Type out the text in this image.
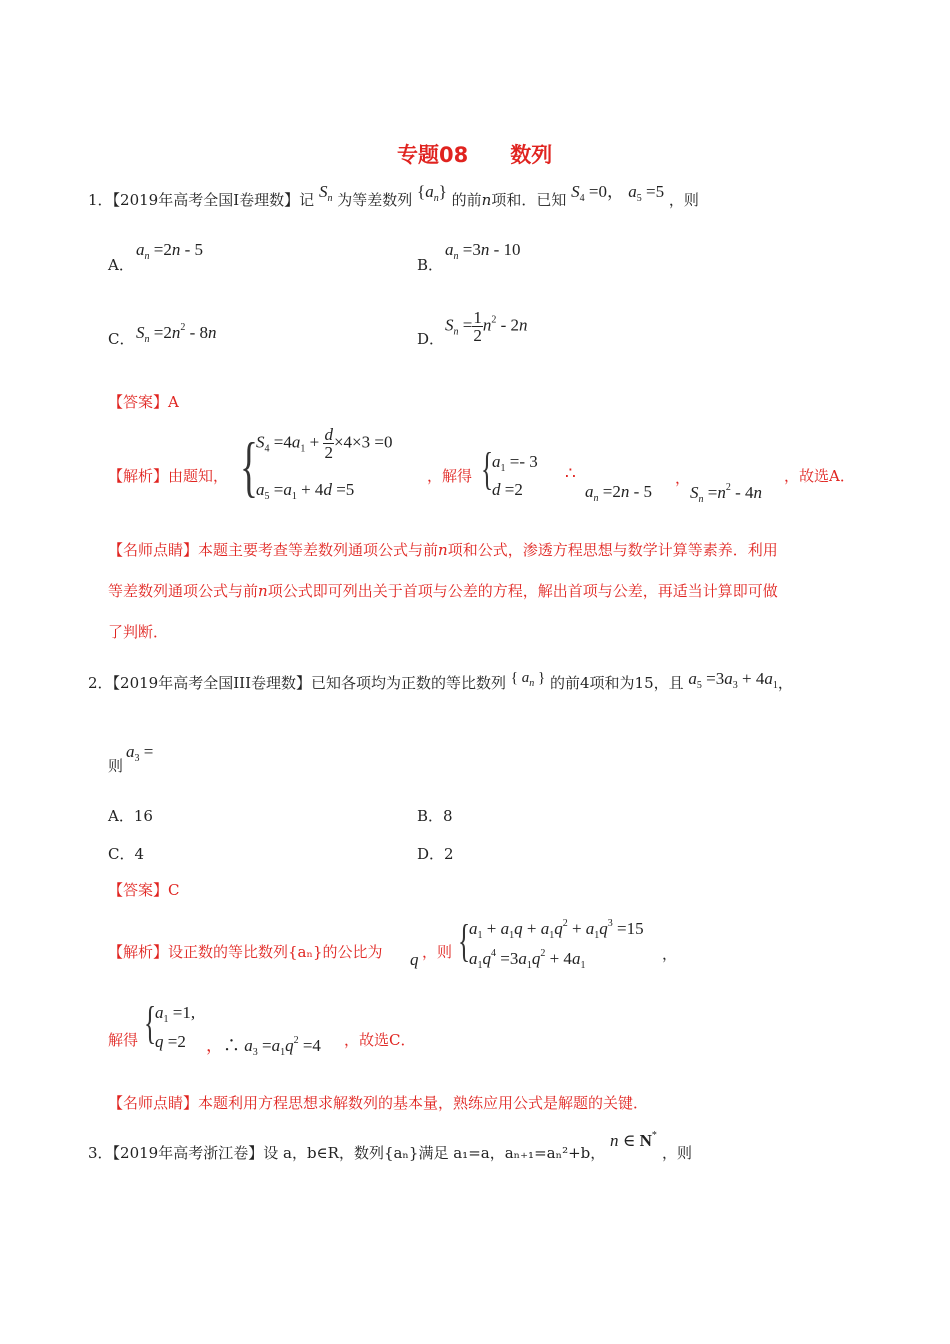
专题08　　数列
1．【2019年高考全国I卷理数】记 $S_n$ 为等差数列 $\{a_n\}$ 的前n项和．已知 $S_4 =0$， $a_5 =5$ ，则
A．
$a_n =2n - 5$
B．
$a_n =3n - 10$
C． $S_n =2n^2 - 8n$	D．
$S_n = \frac{1}{2} n^2 - 2n$
【答案】A
【解析】由题知， {
$S_4 =4a_1 + \frac{d}{2} \times 4\times 3 =0$
$a_5 =a_1 + 4d =5$
，解得 {
$a_1 =- 3$
d =2
∴
$a_n =2n - 5$
，
$S_n =n^2 - 4n$
，故选A．
【名师点睛】本题主要考查等差数列通项公式与前n项和公式，渗透方程思想与数学计算等素养．利用
等差数列通项公式与前n项公式即可列出关于首项与公差的方程，解出首项与公差，再适当计算即可做
了判断．
2．【2019年高考全国III卷理数】已知各项均为正数的等比数列 { $a_n$ } 的前4项和为15，且 $a_5 =3a_3 + 4a_1$，
则
$a_3$ =
A．16	B．8
C．4	D．2
【答案】C
【解析】设正数的等比数列{aₙ}的公比为 q ，则 {
$a_1 + a_1q + a_1q^2 + a_1q^3 =15$
$a_1q^4 =3a_1q^2 + 4a_1$
，
解得 {
$a_1 =1$,
q =2 ，∴ $a_3 =a_1q^2 =4$ ，故选C．
【名师点睛】本题利用方程思想求解数列的基本量，熟练应用公式是解题的关键．
3．【2019年高考浙江卷】设 a，b∈R，数列{aₙ}满足 a₁=a，aₙ₊₁=aₙ²+b，
n ∈ N*
，则
